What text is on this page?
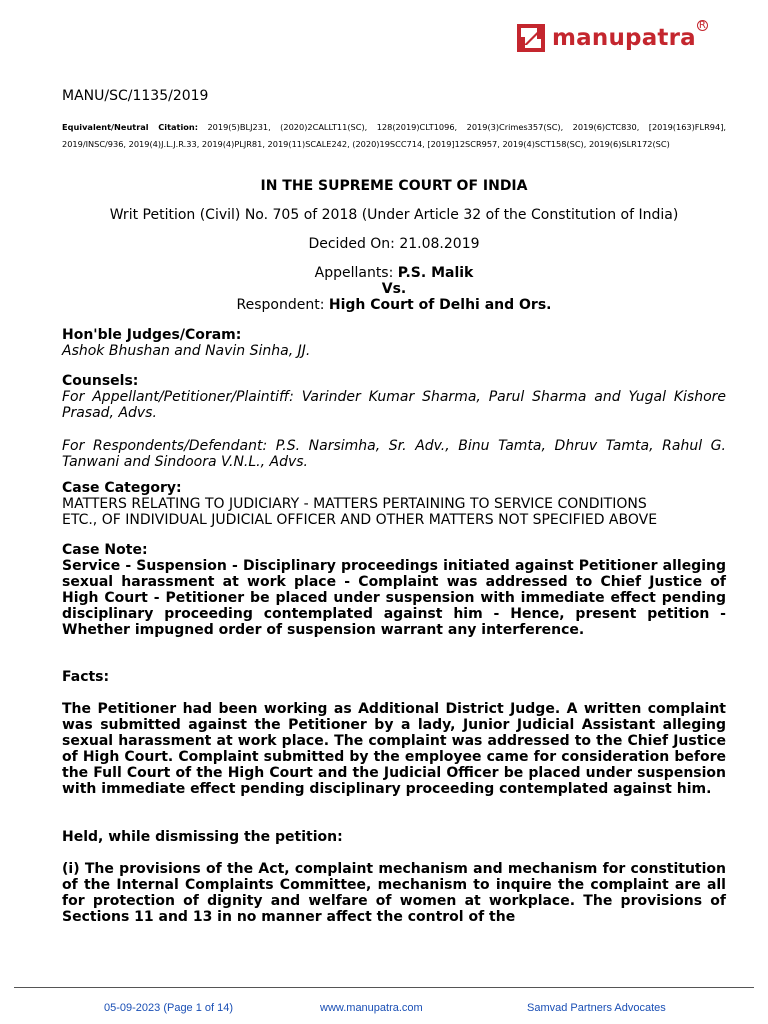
manupatra R
MANU/SC/1135/2019
Equivalent/Neutral Citation: 2019(5)BLJ231, (2020)2CALLT11(SC), 128(2019)CLT1096, 2019(3)Crimes357(SC), 2019(6)CTC830, [2019(163)FLR94], 2019/INSC/936, 2019(4)J.L.J.R.33, 2019(4)PLJR81, 2019(11)SCALE242, (2020)19SCC714, [2019]12SCR957, 2019(4)SCT158(SC), 2019(6)SLR172(SC)
IN THE SUPREME COURT OF INDIA
Writ Petition (Civil) No. 705 of 2018 (Under Article 32 of the Constitution of India)
Decided On: 21.08.2019
Appellants: P.S. Malik
Vs.
Respondent: High Court of Delhi and Ors.
Hon'ble Judges/Coram:
Ashok Bhushan and Navin Sinha, JJ.
Counsels:
For Appellant/Petitioner/Plaintiff: Varinder Kumar Sharma, Parul Sharma and Yugal Kishore Prasad, Advs.
For Respondents/Defendant: P.S. Narsimha, Sr. Adv., Binu Tamta, Dhruv Tamta, Rahul G. Tanwani and Sindoora V.N.L., Advs.
Case Category:
MATTERS RELATING TO JUDICIARY - MATTERS PERTAINING TO SERVICE CONDITIONS
ETC., OF INDIVIDUAL JUDICIAL OFFICER AND OTHER MATTERS NOT SPECIFIED ABOVE
Case Note:
Service - Suspension - Disciplinary proceedings initiated against Petitioner alleging sexual harassment at work place - Complaint was addressed to Chief Justice of High Court - Petitioner be placed under suspension with immediate effect pending disciplinary proceeding contemplated against him - Hence, present petition - Whether impugned order of suspension warrant any interference.
Facts:
The Petitioner had been working as Additional District Judge. A written complaint was submitted against the Petitioner by a lady, Junior Judicial Assistant alleging sexual harassment at work place. The complaint was addressed to the Chief Justice of High Court. Complaint submitted by the employee came for consideration before the Full Court of the High Court and the Judicial Officer be placed under suspension with immediate effect pending disciplinary proceeding contemplated against him.
Held, while dismissing the petition:
(i) The provisions of the Act, complaint mechanism and mechanism for constitution of the Internal Complaints Committee, mechanism to inquire the complaint are all for protection of dignity and welfare of women at workplace. The provisions of Sections 11 and 13 in no manner affect the control of the
05-09-2023 (Page 1 of 14)	www.manupatra.com	Samvad Partners Advocates
